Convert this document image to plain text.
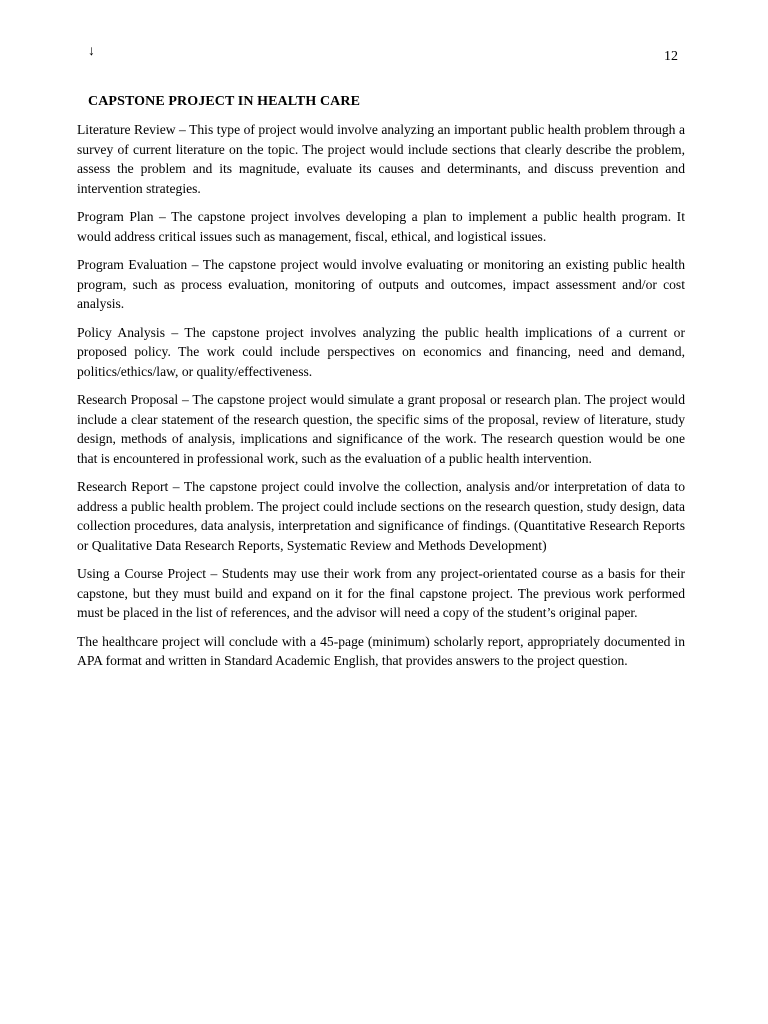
↓	12
CAPSTONE PROJECT IN HEALTH CARE

Literature Review – This type of project would involve analyzing an important public health problem through a survey of current literature on the topic. The project would include sections that clearly describe the problem, assess the problem and its magnitude, evaluate its causes and determinants, and discuss prevention and intervention strategies.

Program Plan – The capstone project involves developing a plan to implement a public health program. It would address critical issues such as management, fiscal, ethical, and logistical issues.

Program Evaluation – The capstone project would involve evaluating or monitoring an existing public health program, such as process evaluation, monitoring of outputs and outcomes, impact assessment and/or cost analysis.

Policy Analysis – The capstone project involves analyzing the public health implications of a current or proposed policy. The work could include perspectives on economics and financing, need and demand, politics/ethics/law, or quality/effectiveness.

Research Proposal – The capstone project would simulate a grant proposal or research plan. The project would include a clear statement of the research question, the specific sims of the proposal, review of literature, study design, methods of analysis, implications and significance of the work. The research question would be one that is encountered in professional work, such as the evaluation of a public health intervention.

Research Report – The capstone project could involve the collection, analysis and/or interpretation of data to address a public health problem. The project could include sections on the research question, study design, data collection procedures, data analysis, interpretation and significance of findings. (Quantitative Research Reports or Qualitative Data Research Reports, Systematic Review and Methods Development)

Using a Course Project – Students may use their work from any project-orientated course as a basis for their capstone, but they must build and expand on it for the final capstone project. The previous work performed must be placed in the list of references, and the advisor will need a copy of the student’s original paper.

The healthcare project will conclude with a 45-page (minimum) scholarly report, appropriately documented in APA format and written in Standard Academic English, that provides answers to the project question.
